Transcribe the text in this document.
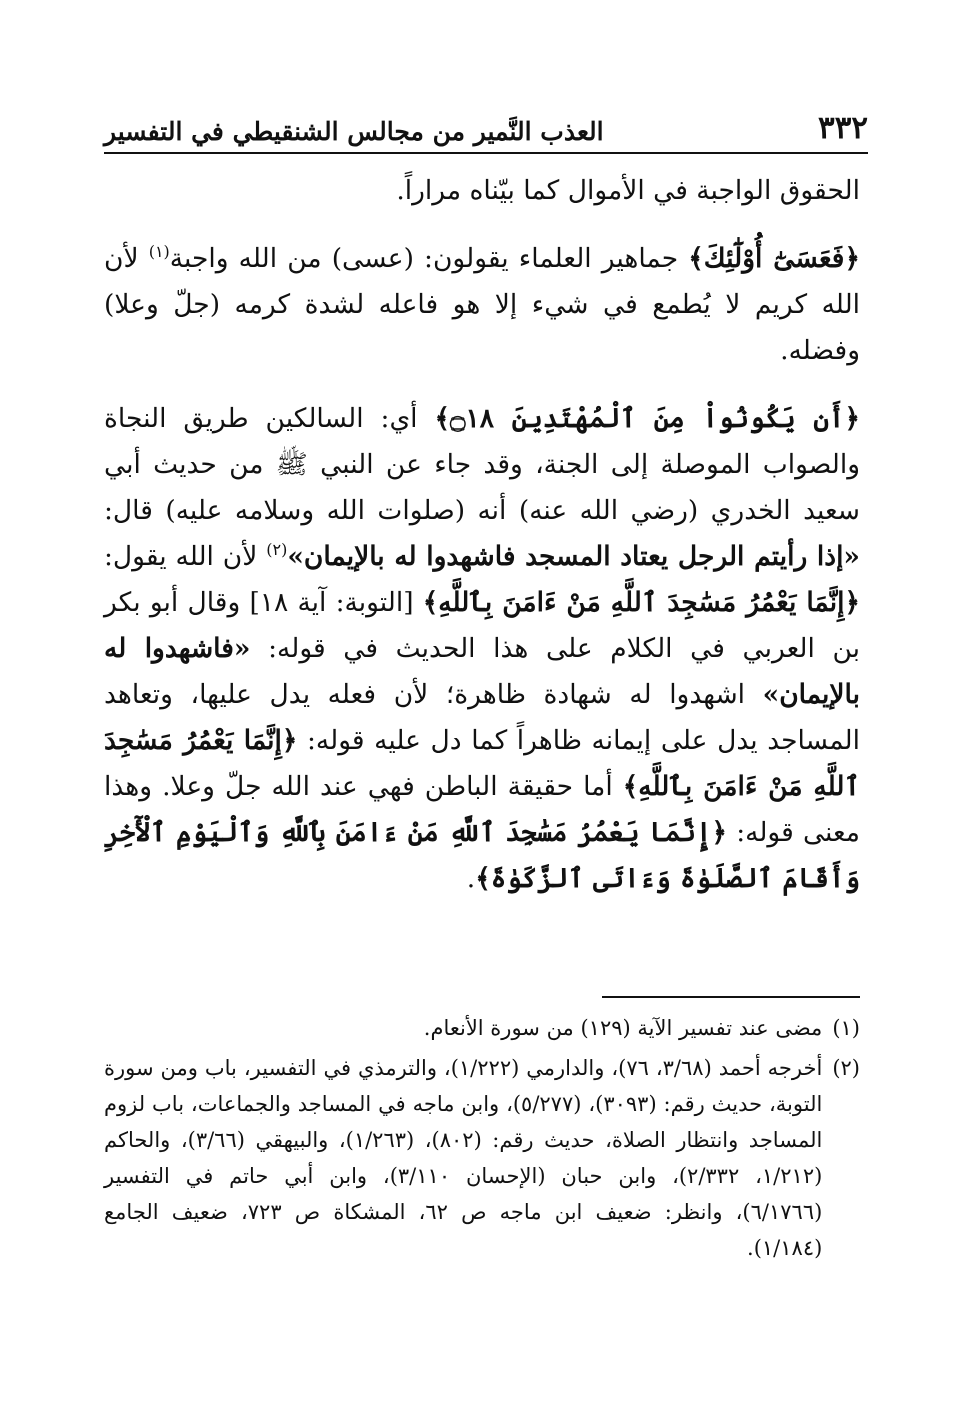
٣٣٢
العذب النَّمير من مجالس الشنقيطي في التفسير

الحقوق الواجبة في الأموال كما بيّناه مراراً.

﴿فَعَسَىٰٓ أُوْلَٰٓئِكَ﴾ جماهير العلماء يقولون: (عسى) من الله واجبة$^{(١)}$ لأن الله كريم لا يُطمع في شيء إلا هو فاعله لشدة كرمه (جلّ وعلا) وفضله.

﴿أَن يَكُونُواْ مِنَ ٱلْمُهْتَدِينَ ۝١٨﴾ أي: السالكين طريق النجاة والصواب الموصلة إلى الجنة، وقد جاء عن النبي ﷺ من حديث أبي سعيد الخدري (رضي الله عنه) أنه (صلوات الله وسلامه عليه) قال: «إذا رأيتم الرجل يعتاد المسجد فاشهدوا له بالإيمان»$^{(٢)}$ لأن الله يقول: ﴿إِنَّمَا يَعْمُرُ مَسَٰجِدَ ٱللَّهِ مَنْ ءَامَنَ بِٱللَّهِ﴾ [التوبة: آية ١٨] وقال أبو بكر بن العربي في الكلام على هذا الحديث في قوله: «فاشهدوا له بالإيمان» اشهدوا له شهادة ظاهرة؛ لأن فعله يدل عليها، وتعاهد المساجد يدل على إيمانه ظاهراً كما دل عليه قوله: ﴿إِنَّمَا يَعْمُرُ مَسَٰجِدَ ٱللَّهِ مَنْ ءَامَنَ بِٱللَّهِ﴾ أما حقيقة الباطن فهي عند الله جلّ وعلا. وهذا معنى قوله: ﴿إِنَّمَا يَعْمُرُ مَسَٰجِدَ ٱللَّهِ مَنْ ءَامَنَ بِٱللَّهِ وَٱلْيَوْمِ ٱلْأٓخِرِ وَأَقَامَ ٱلصَّلَوٰةَ وَءَاتَى ٱلزَّكَوٰةَ﴾.

(١)
مضى عند تفسير الآية (١٢٩) من سورة الأنعام.
(٢)
أخرجه أحمد (٣/٦٨، ٧٦)، والدارمي (١/٢٢٢)، والترمذي في التفسير، باب ومن سورة التوبة، حديث رقم: (٣٠٩٣)، (٥/٢٧٧)، وابن ماجه في المساجد والجماعات، باب لزوم المساجد وانتظار الصلاة، حديث رقم: (٨٠٢)، (١/٢٦٣)، والبيهقي (٣/٦٦)، والحاكم (١/٢١٢، ٢/٣٣٢)، وابن حبان (الإحسان ٣/١١٠)، وابن أبي حاتم في التفسير (٦/١٧٦٦)، وانظر: ضعيف ابن ماجه ص ٦٢، المشكاة ص ٧٢٣، ضعيف الجامع (١/١٨٤).
